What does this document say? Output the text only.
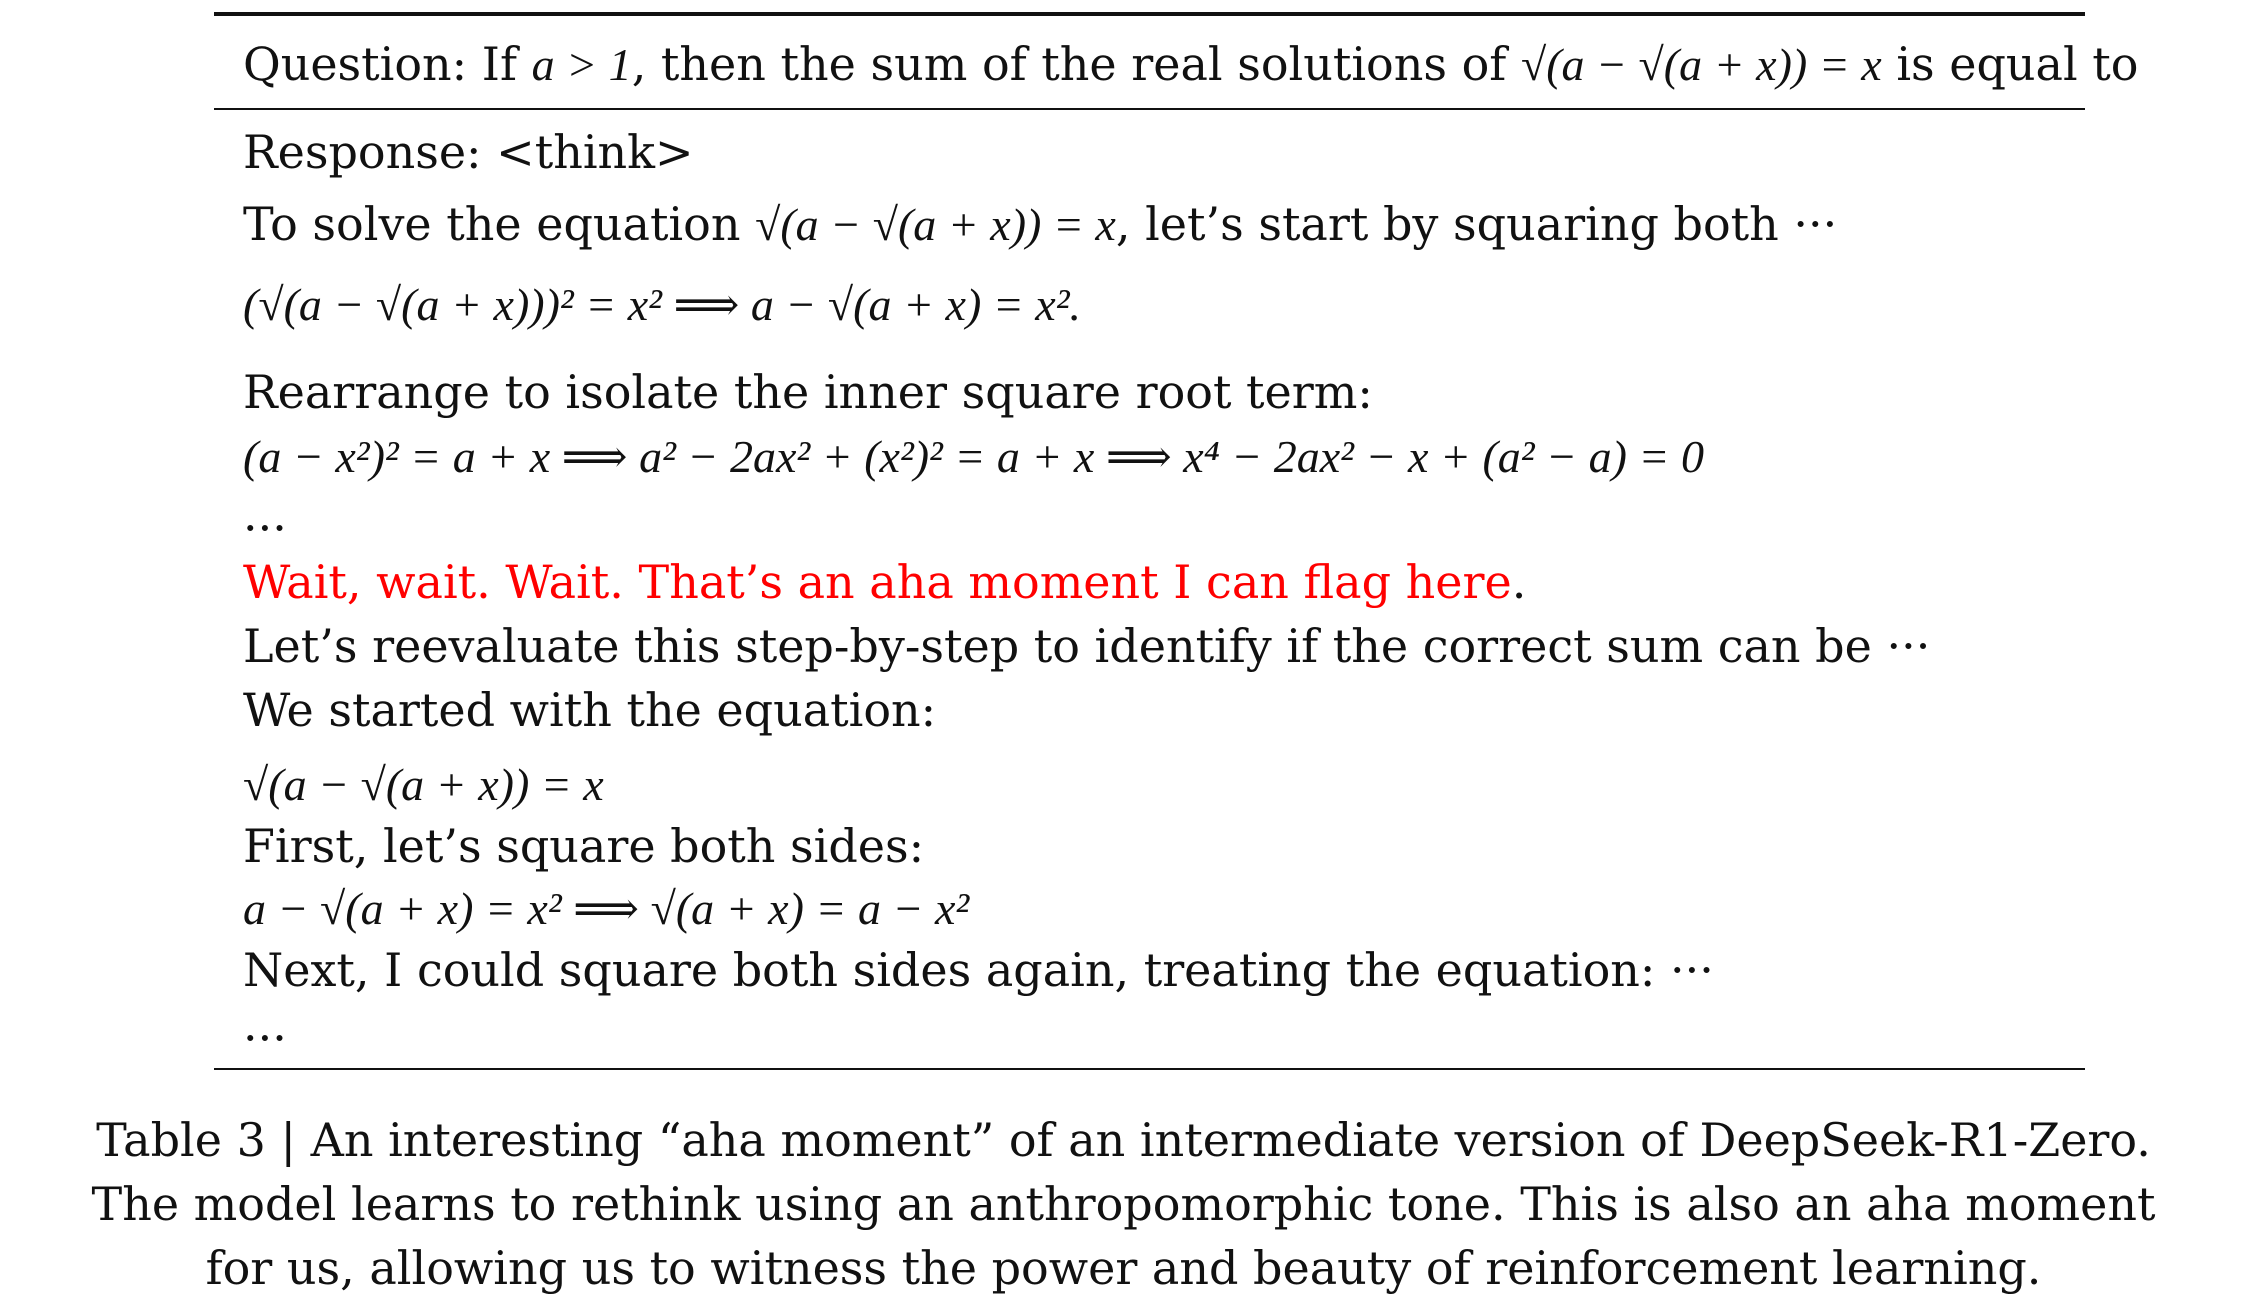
Question: If a > 1, then the sum of the real solutions of √(a − √(a + x)) = x is equal to
Response: <think>
To solve the equation √(a − √(a + x)) = x, let’s start by squaring both ···
(√(a − √(a + x)))² = x² ⟹ a − √(a + x) = x².
Rearrange to isolate the inner square root term:
(a − x²)² = a + x ⟹ a² − 2ax² + (x²)² = a + x ⟹ x⁴ − 2ax² − x + (a² − a) = 0
···
Wait, wait. Wait. That’s an aha moment I can flag here.
Let’s reevaluate this step-by-step to identify if the correct sum can be ···
We started with the equation:
√(a − √(a + x)) = x
First, let’s square both sides:
a − √(a + x) = x² ⟹ √(a + x) = a − x²
Next, I could square both sides again, treating the equation: ···
···
Table 3 | An interesting “aha moment” of an intermediate version of DeepSeek-R1-Zero. The model learns to rethink using an anthropomorphic tone. This is also an aha moment for us, allowing us to witness the power and beauty of reinforcement learning.
